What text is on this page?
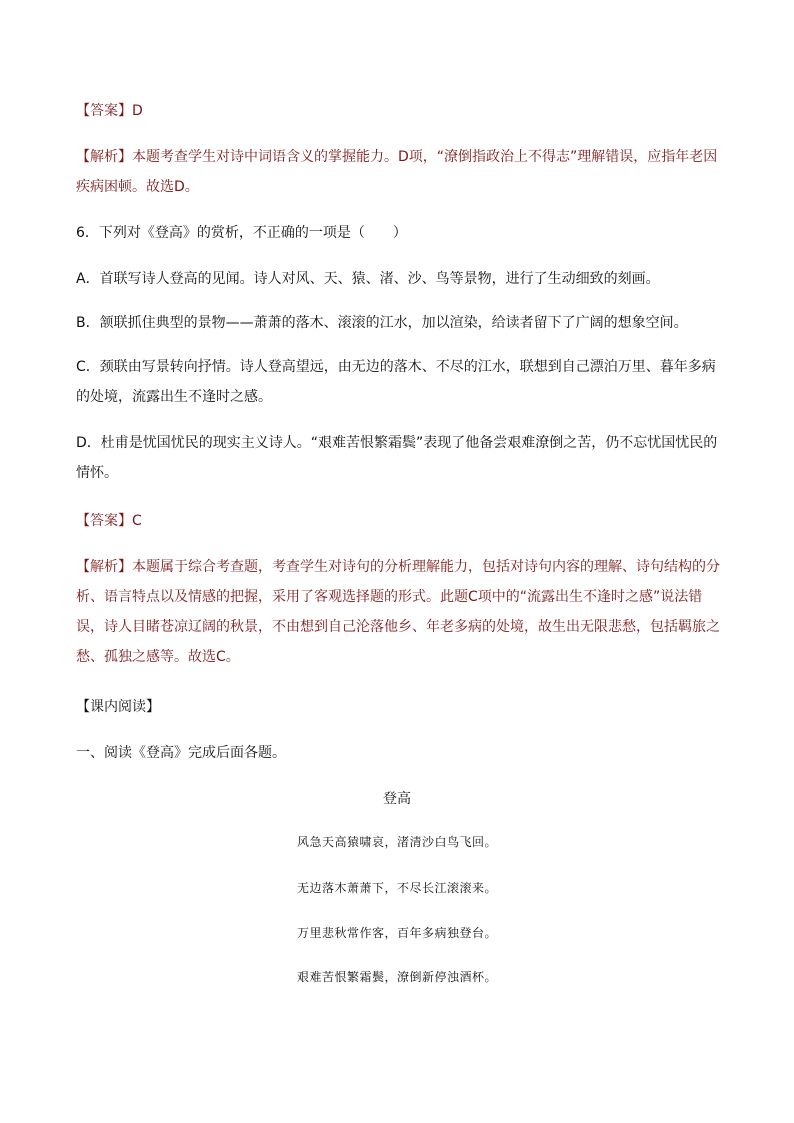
【答案】D

【解析】本题考查学生对诗中词语含义的掌握能力。D项，“潦倒指政治上不得志”理解错误，应指年老因疾病困顿。故选D。

6．下列对《登高》的赏析，不正确的一项是（　　）

A．首联写诗人登高的见闻。诗人对风、天、猿、渚、沙、鸟等景物，进行了生动细致的刻画。

B．颔联抓住典型的景物——萧萧的落木、滚滚的江水，加以渲染，给读者留下了广阔的想象空间。

C．颈联由写景转向抒情。诗人登高望远，由无边的落木、不尽的江水，联想到自己漂泊万里、暮年多病的处境，流露出生不逢时之感。

D．杜甫是忧国忧民的现实主义诗人。“艰难苦恨繁霜鬓”表现了他备尝艰难潦倒之苦，仍不忘忧国忧民的情怀。

【答案】C

【解析】本题属于综合考查题，考查学生对诗句的分析理解能力，包括对诗句内容的理解、诗句结构的分析、语言特点以及情感的把握，采用了客观选择题的形式。此题C项中的“流露出生不逢时之感”说法错误，诗人目睹苍凉辽阔的秋景，不由想到自己沦落他乡、年老多病的处境，故生出无限悲愁，包括羁旅之愁、孤独之感等。故选C。

【课内阅读】

一、阅读《登高》完成后面各题。

登高
风急天高猿啸哀，渚清沙白鸟飞回。
无边落木萧萧下，不尽长江滚滚来。
万里悲秋常作客，百年多病独登台。
艰难苦恨繁霜鬓，潦倒新停浊酒杯。
